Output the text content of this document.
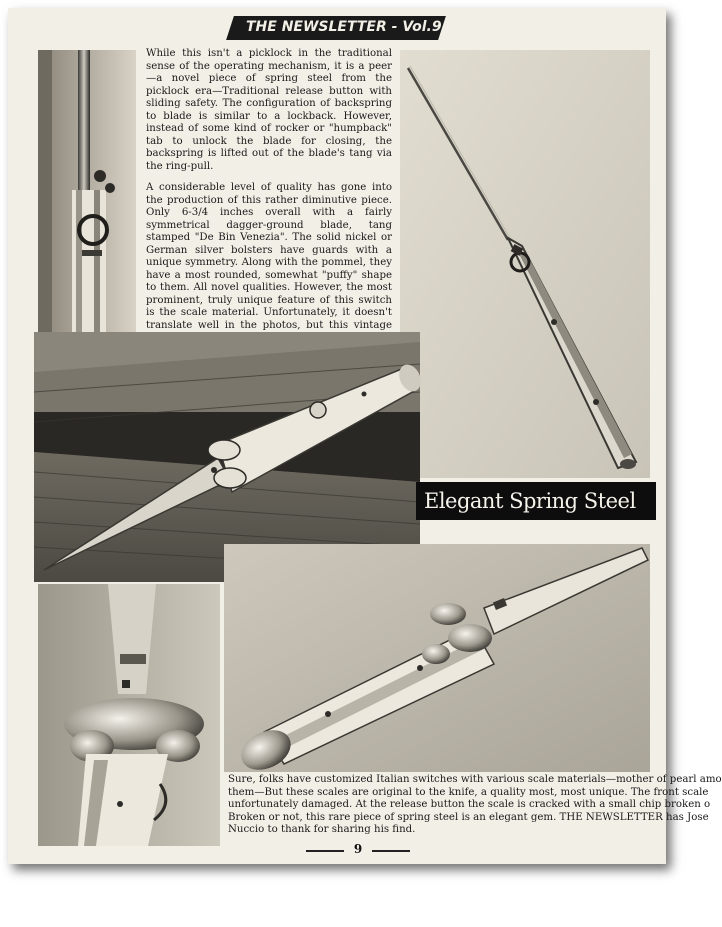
THE NEWSLETTER - Vol.9 No.2

While this isn't a picklock in the traditional sense of the operating mechanism, it is a peer—a novel piece of spring steel from the picklock era—Traditional release button with sliding safety. The configuration of backspring to blade is similar to a lockback. However, instead of some kind of rocker or "humpback" tab to unlock the blade for closing, the backspring is lifted out of the blade's tang via the ring-pull.

A considerable level of quality has gone into the production of this rather diminutive piece. Only 6-3/4 inches overall with a fairly symmetrical dagger-ground blade, tang stamped "De Bin Venezia". The solid nickel or German silver bolsters have guards with a unique symmetry. Along with the pommel, they have a most rounded, somewhat "puffy" shape to them. All novel qualities. However, the most prominent, truly unique feature of this switch is the scale material. Unfortunately, it doesn't translate well in the photos, but this vintage

Elegant Spring Steel
Sure, folks have customized Italian switches with various scale materials—mother of pearl amo
them—But these scales are original to the knife, a quality most, most unique. The front scale
unfortunately damaged. At the release button the scale is cracked with a small chip broken o
Broken or not, this rare piece of spring steel is an elegant gem. THE NEWSLETTER has Jose
Nuccio to thank for sharing his find.
9
